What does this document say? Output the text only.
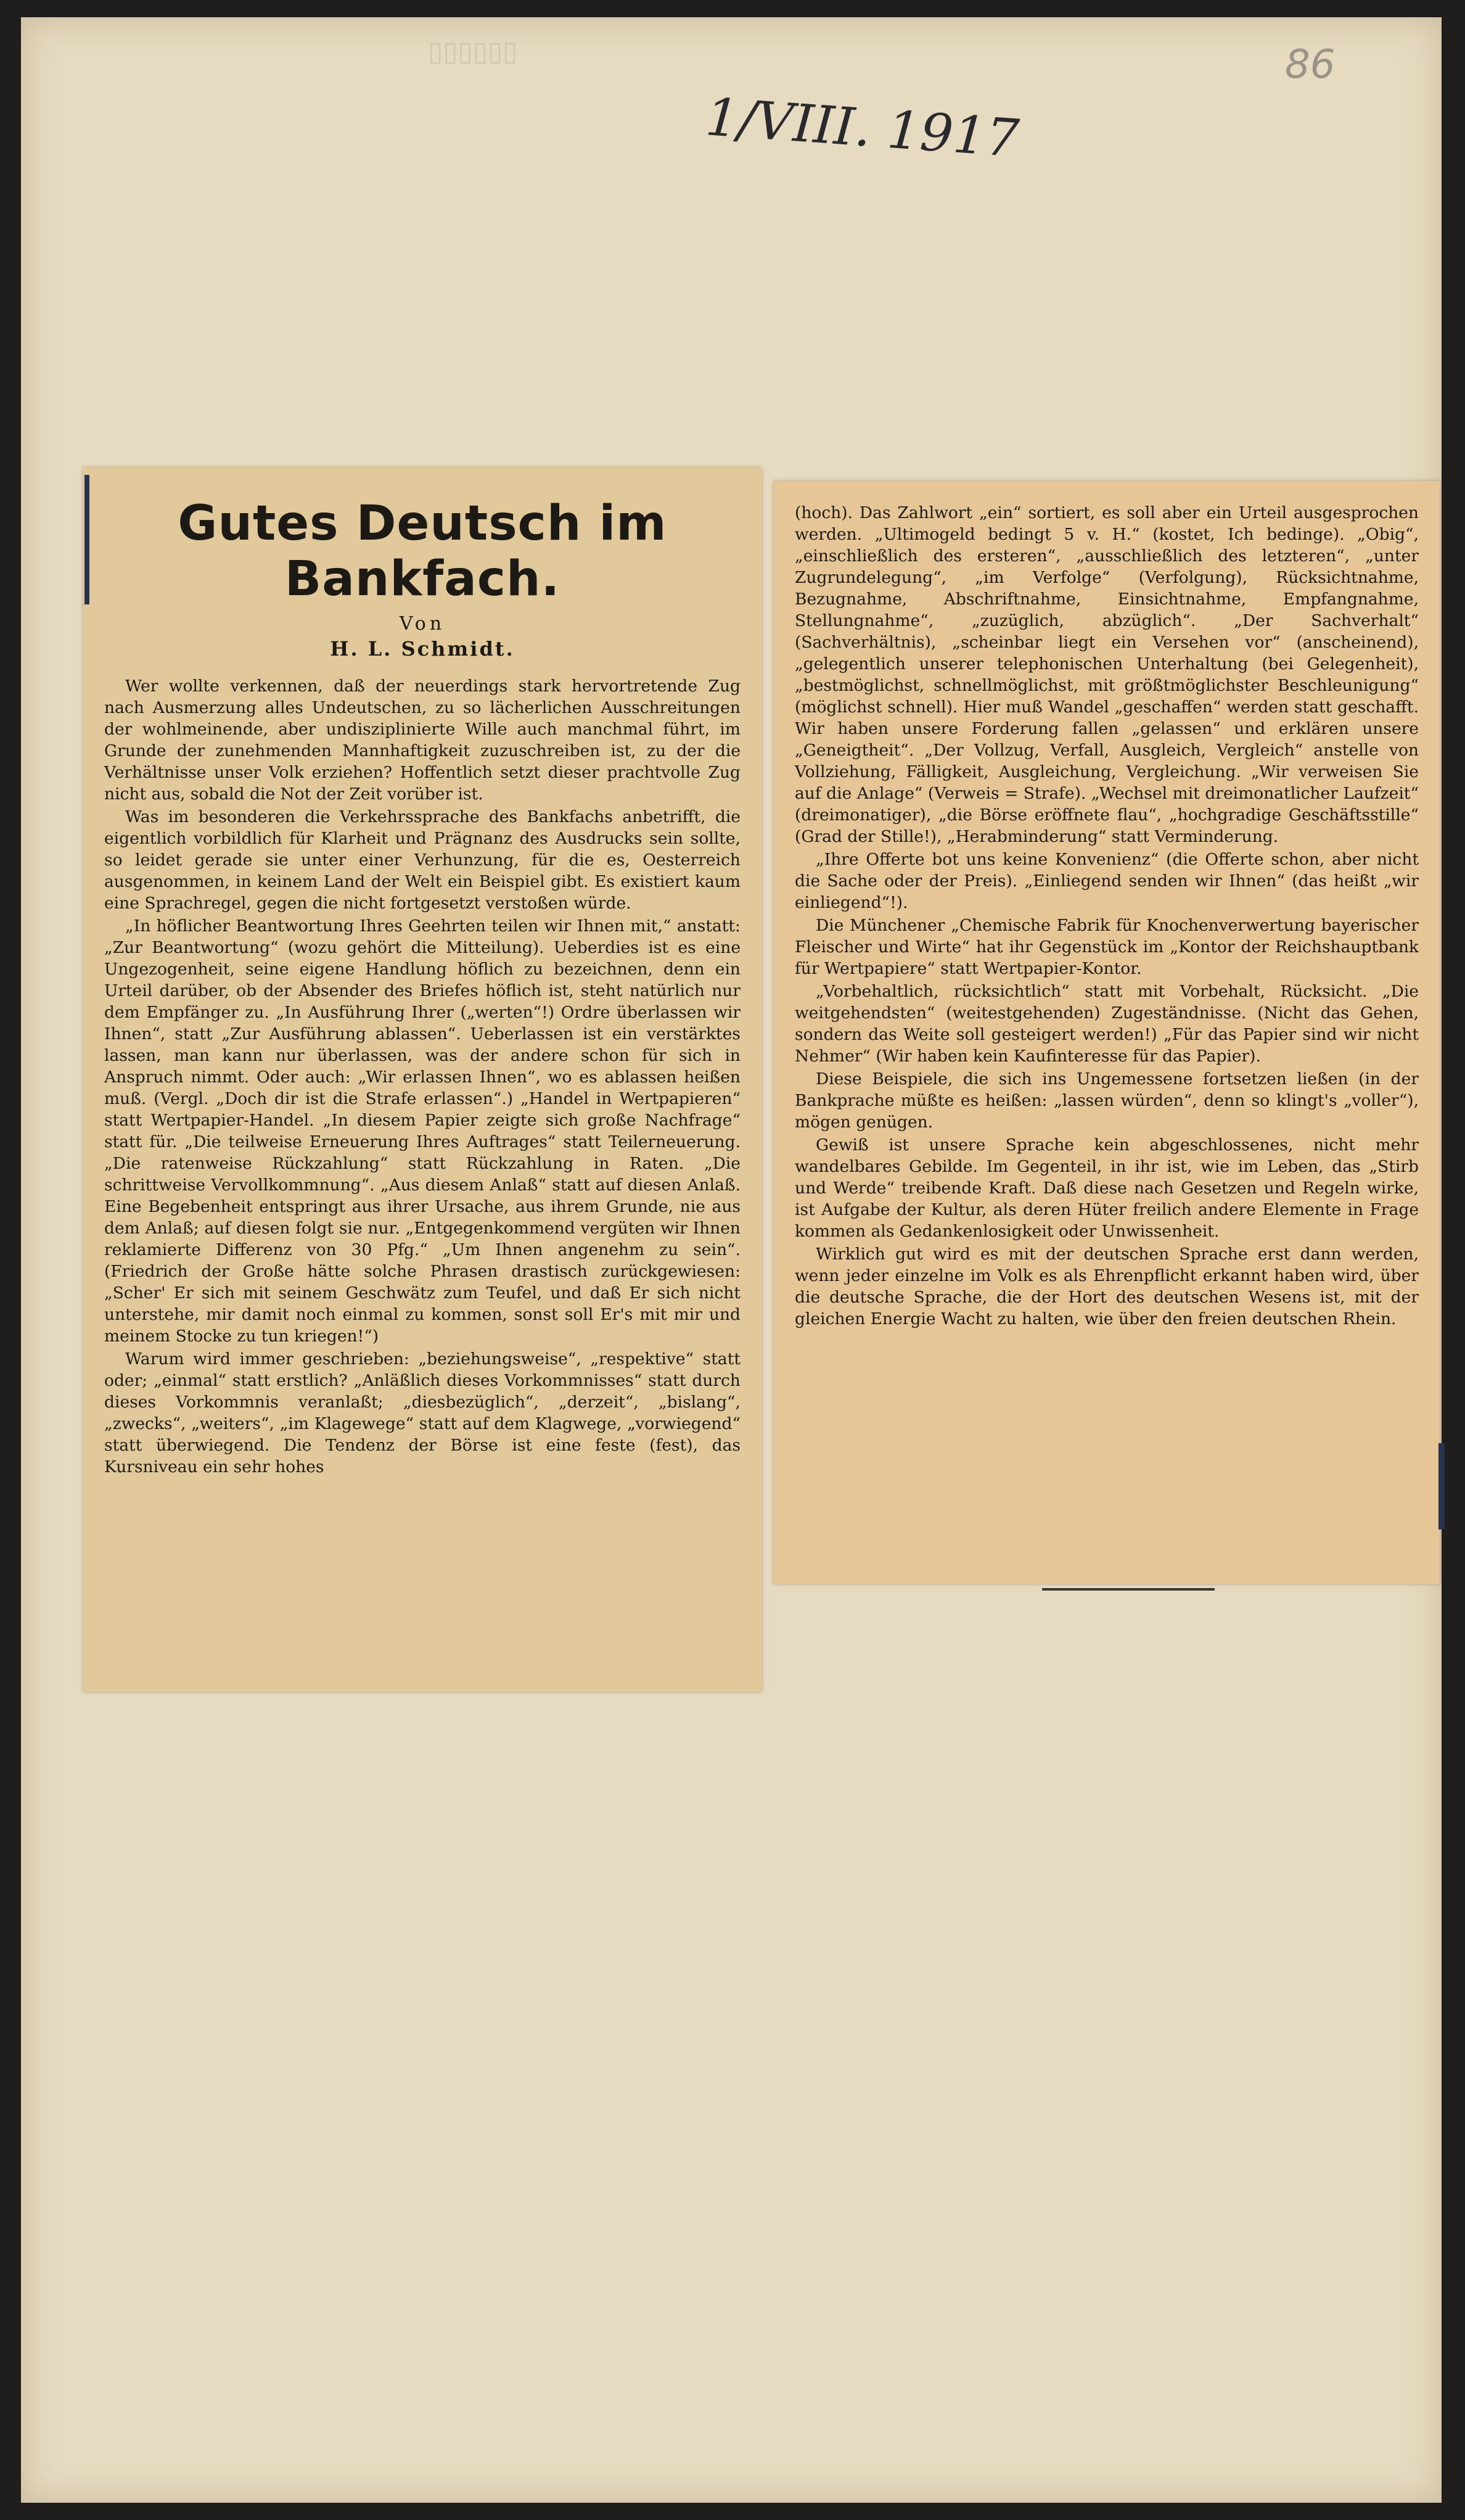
▯▯▯▯▯▯	86
1/VIII. 1917
Gutes Deutsch im Bankfach.
Von
H. L. Schmidt.

Wer wollte verkennen, daß der neuerdings stark hervortretende Zug nach Ausmerzung alles Undeutschen, zu so lächerlichen Ausschreitungen der wohlmeinende, aber undisziplinierte Wille auch manchmal führt, im Grunde der zunehmenden Mannhaftigkeit zuzuschreiben ist, zu der die Verhältnisse unser Volk erziehen? Hoffentlich setzt dieser prachtvolle Zug nicht aus, sobald die Not der Zeit vorüber ist.

Was im besonderen die Verkehrssprache des Bankfachs anbetrifft, die eigentlich vorbildlich für Klarheit und Prägnanz des Ausdrucks sein sollte, so leidet gerade sie unter einer Verhunzung, für die es, Oesterreich ausgenommen, in keinem Land der Welt ein Beispiel gibt. Es existiert kaum eine Sprachregel, gegen die nicht fortgesetzt verstoßen würde.

„In höflicher Beantwortung Ihres Geehrten teilen wir Ihnen mit,“ anstatt: „Zur Beantwortung“ (wozu gehört die Mitteilung). Ueberdies ist es eine Ungezogenheit, seine eigene Handlung höflich zu bezeichnen, denn ein Urteil darüber, ob der Absender des Briefes höflich ist, steht natürlich nur dem Empfänger zu. „In Ausführung Ihrer („werten“!) Ordre überlassen wir Ihnen“, statt „Zur Ausführung ablassen“. Ueberlassen ist ein verstärktes lassen, man kann nur überlassen, was der andere schon für sich in Anspruch nimmt. Oder auch: „Wir erlassen Ihnen“, wo es ablassen heißen muß. (Vergl. „Doch dir ist die Strafe erlassen“.) „Handel in Wertpapieren“ statt Wertpapier-Handel. „In diesem Papier zeigte sich große Nachfrage“ statt für. „Die teilweise Erneuerung Ihres Auftrages“ statt Teilerneuerung. „Die ratenweise Rückzahlung“ statt Rückzahlung in Raten. „Die schrittweise Vervollkommnung“. „Aus diesem Anlaß“ statt auf diesen Anlaß. Eine Begebenheit entspringt aus ihrer Ursache, aus ihrem Grunde, nie aus dem Anlaß; auf diesen folgt sie nur. „Entgegenkommend vergüten wir Ihnen reklamierte Differenz von 30 Pfg.“ „Um Ihnen angenehm zu sein“. (Friedrich der Große hätte solche Phrasen drastisch zurückgewiesen: „Scher' Er sich mit seinem Geschwätz zum Teufel, und daß Er sich nicht unterstehe, mir damit noch einmal zu kommen, sonst soll Er's mit mir und meinem Stocke zu tun kriegen!“)

Warum wird immer geschrieben: „beziehungsweise“, „respektive“ statt oder; „einmal“ statt erstlich? „Anläßlich dieses Vorkommnisses“ statt durch dieses Vorkommnis veranlaßt; „diesbezüglich“, „derzeit“, „bislang“, „zwecks“, „weiters“, „im Klagewege“ statt auf dem Klagwege, „vorwiegend“ statt überwiegend. Die Tendenz der Börse ist eine feste (fest), das Kursniveau ein sehr hohes

(hoch). Das Zahlwort „ein“ sortiert, es soll aber ein Urteil ausgesprochen werden. „Ultimogeld bedingt 5 v. H.“ (kostet, Ich bedinge). „Obig“, „einschließlich des ersteren“, „ausschließlich des letzteren“, „unter Zugrundelegung“, „im Verfolge“ (Verfolgung), Rücksichtnahme, Bezugnahme, Abschriftnahme, Einsichtnahme, Empfangnahme, Stellungnahme“, „zuzüglich, abzüglich“. „Der Sachverhalt“ (Sachverhältnis), „scheinbar liegt ein Versehen vor“ (anscheinend), „gelegentlich unserer telephonischen Unterhaltung (bei Gelegenheit), „bestmöglichst, schnellmöglichst, mit größtmöglichster Beschleunigung“ (möglichst schnell). Hier muß Wandel „geschaffen“ werden statt geschafft. Wir haben unsere Forderung fallen „gelassen“ und erklären unsere „Geneigtheit“. „Der Vollzug, Verfall, Ausgleich, Vergleich“ anstelle von Vollziehung, Fälligkeit, Ausgleichung, Vergleichung. „Wir verweisen Sie auf die Anlage“ (Verweis = Strafe). „Wechsel mit dreimonatlicher Laufzeit“ (dreimonatiger), „die Börse eröffnete flau“, „hochgradige Geschäftsstille“ (Grad der Stille!), „Herabminderung“ statt Verminderung.

„Ihre Offerte bot uns keine Konvenienz“ (die Offerte schon, aber nicht die Sache oder der Preis). „Einliegend senden wir Ihnen“ (das heißt „wir einliegend“!).

Die Münchener „Chemische Fabrik für Knochenverwertung bayerischer Fleischer und Wirte“ hat ihr Gegenstück im „Kontor der Reichshauptbank für Wertpapiere“ statt Wertpapier-Kontor.

„Vorbehaltlich, rücksichtlich“ statt mit Vorbehalt, Rücksicht. „Die weitgehendsten“ (weitestgehenden) Zugeständnisse. (Nicht das Gehen, sondern das Weite soll gesteigert werden!) „Für das Papier sind wir nicht Nehmer“ (Wir haben kein Kaufinteresse für das Papier).

Diese Beispiele, die sich ins Ungemessene fortsetzen ließen (in der Bankprache müßte es heißen: „lassen würden“, denn so klingt's „voller“), mögen genügen.

Gewiß ist unsere Sprache kein abgeschlossenes, nicht mehr wandelbares Gebilde. Im Gegenteil, in ihr ist, wie im Leben, das „Stirb und Werde“ treibende Kraft. Daß diese nach Gesetzen und Regeln wirke, ist Aufgabe der Kultur, als deren Hüter freilich andere Elemente in Frage kommen als Gedankenlosigkeit oder Unwissenheit.

Wirklich gut wird es mit der deutschen Sprache erst dann werden, wenn jeder einzelne im Volk es als Ehrenpflicht erkannt haben wird, über die deutsche Sprache, die der Hort des deutschen Wesens ist, mit der gleichen Energie Wacht zu halten, wie über den freien deutschen Rhein.
